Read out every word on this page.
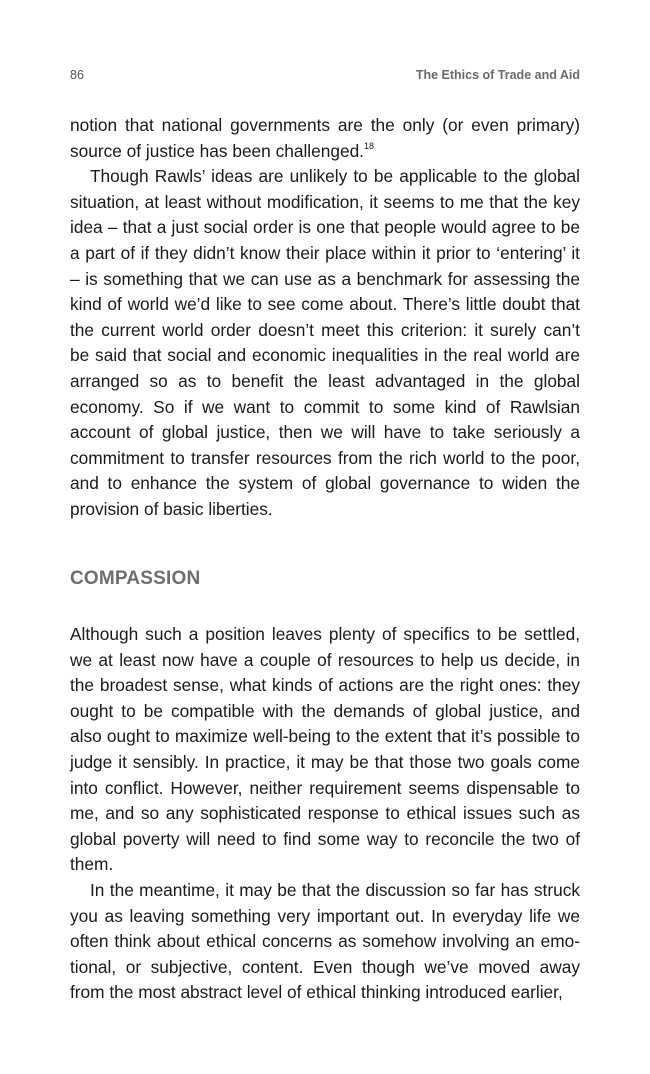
86	The Ethics of Trade and Aid

notion that national governments are the only (or even primary) source of justice has been challenged.$^{18}$

Though Rawls’ ideas are unlikely to be applicable to the global situation, at least without modification, it seems to me that the key idea – that a just social order is one that people would agree to be a part of if they didn’t know their place within it prior to ‘entering’ it – is something that we can use as a benchmark for assessing the kind of world we’d like to see come about. There’s little doubt that the current world order doesn’t meet this criterion: it surely can’t be said that social and economic inequalities in the real world are arranged so as to benefit the least advantaged in the global economy. So if we want to commit to some kind of Rawlsian account of global justice, then we will have to take seriously a commitment to transfer resources from the rich world to the poor, and to enhance the system of global governance to widen the provision of basic liberties.

COMPASSION

Although such a position leaves plenty of specifics to be settled, we at least now have a couple of resources to help us decide, in the broadest sense, what kinds of actions are the right ones: they ought to be compatible with the demands of global justice, and also ought to maximize well-being to the extent that it’s possible to judge it sensibly. In practice, it may be that those two goals come into conflict. However, neither requirement seems dispensable to me, and so any sophisticated response to ethical issues such as global poverty will need to find some way to reconcile the two of them.

In the meantime, it may be that the discussion so far has struck you as leaving something very important out. In everyday life we often think about ethical concerns as somehow involving an emotional, or subjective, content. Even though we’ve moved away from the most abstract level of ethical thinking introduced earlier,
